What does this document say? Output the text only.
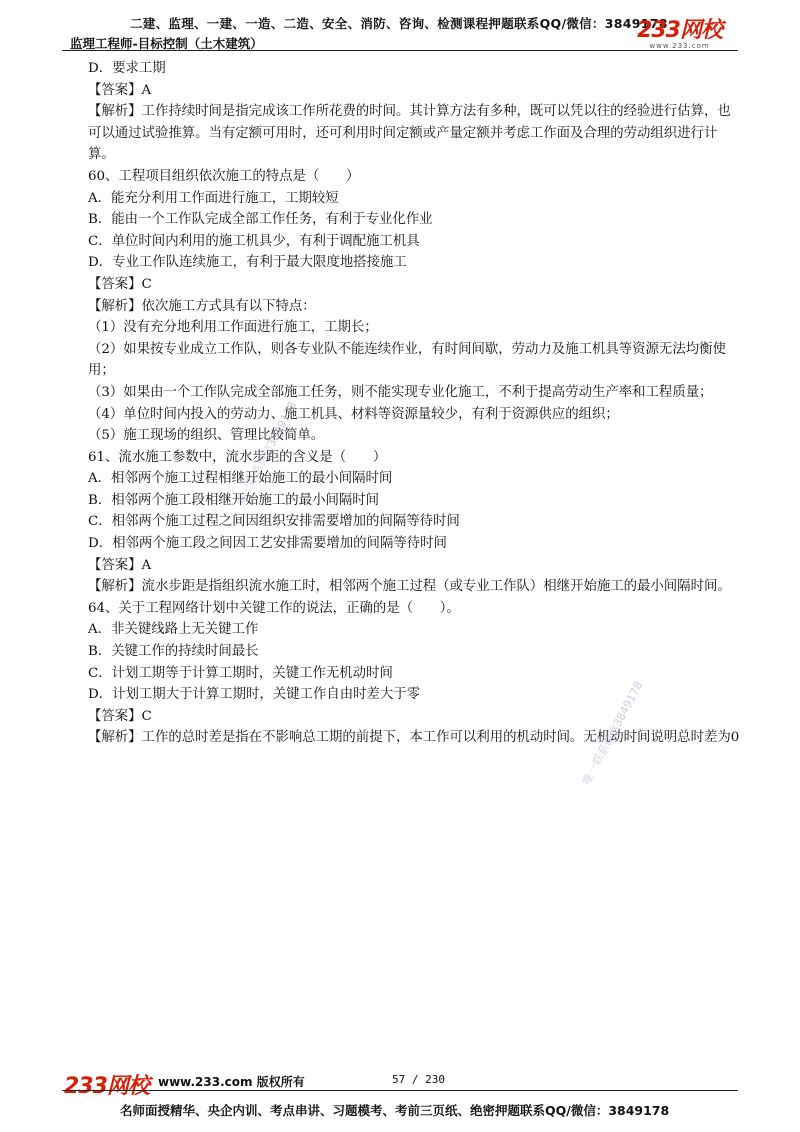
二建、监理、一建、一造、二造、安全、消防、咨询、检测课程押题联系QQ/微信：3849178
监理工程师-目标控制（土木建筑）
233网校
www.233.com

D．要求工期

【答案】A

【解析】工作持续时间是指完成该工作所花费的时间。其计算方法有多种，既可以凭以往的经验进行估算，也可以通过试验推算。当有定额可用时，还可利用时间定额或产量定额并考虑工作面及合理的劳动组织进行计算。

60、工程项目组织依次施工的特点是（　　）

A．能充分利用工作面进行施工，工期较短

B．能由一个工作队完成全部工作任务，有利于专业化作业

C．单位时间内利用的施工机具少，有利于调配施工机具

D．专业工作队连续施工，有利于最大限度地搭接施工

【答案】C

【解析】依次施工方式具有以下特点：

（1）没有充分地利用工作面进行施工，工期长；

（2）如果按专业成立工作队，则各专业队不能连续作业，有时间间歇，劳动力及施工机具等资源无法均衡使用；

（3）如果由一个工作队完成全部施工任务，则不能实现专业化施工，不利于提高劳动生产率和工程质量；

（4）单位时间内投入的劳动力、施工机具、材料等资源量较少，有利于资源供应的组织；

（5）施工现场的组织、管理比较简单。

61、流水施工参数中，流水步距的含义是（　　）

A．相邻两个施工过程相继开始施工的最小间隔时间

B．相邻两个施工段相继开始施工的最小间隔时间

C．相邻两个施工过程之间因组织安排需要增加的间隔等待时间

D．相邻两个施工段之间因工艺安排需要增加的间隔等待时间

【答案】A

【解析】流水步距是指组织流水施工时，相邻两个施工过程（或专业工作队）相继开始施工的最小间隔时间。

64、关于工程网络计划中关键工作的说法，正确的是（　　）。

A．非关键线路上无关键工作

B．关键工作的持续时间最长

C．计划工期等于计算工期时，关键工作无机动时间

D．计划工期大于计算工期时，关键工作自由时差大于零

【答案】C

【解析】工作的总时差是指在不影响总工期的前提下，本工作可以利用的机动时间。无机动时间说明总时差为0

唯一联系微信3849178
唯一联系微信3849178
233网校 www.233.com 版权所有	57 / 230
名师面授精华、央企内训、考点串讲、习题模考、考前三页纸、绝密押题联系QQ/微信：3849178
